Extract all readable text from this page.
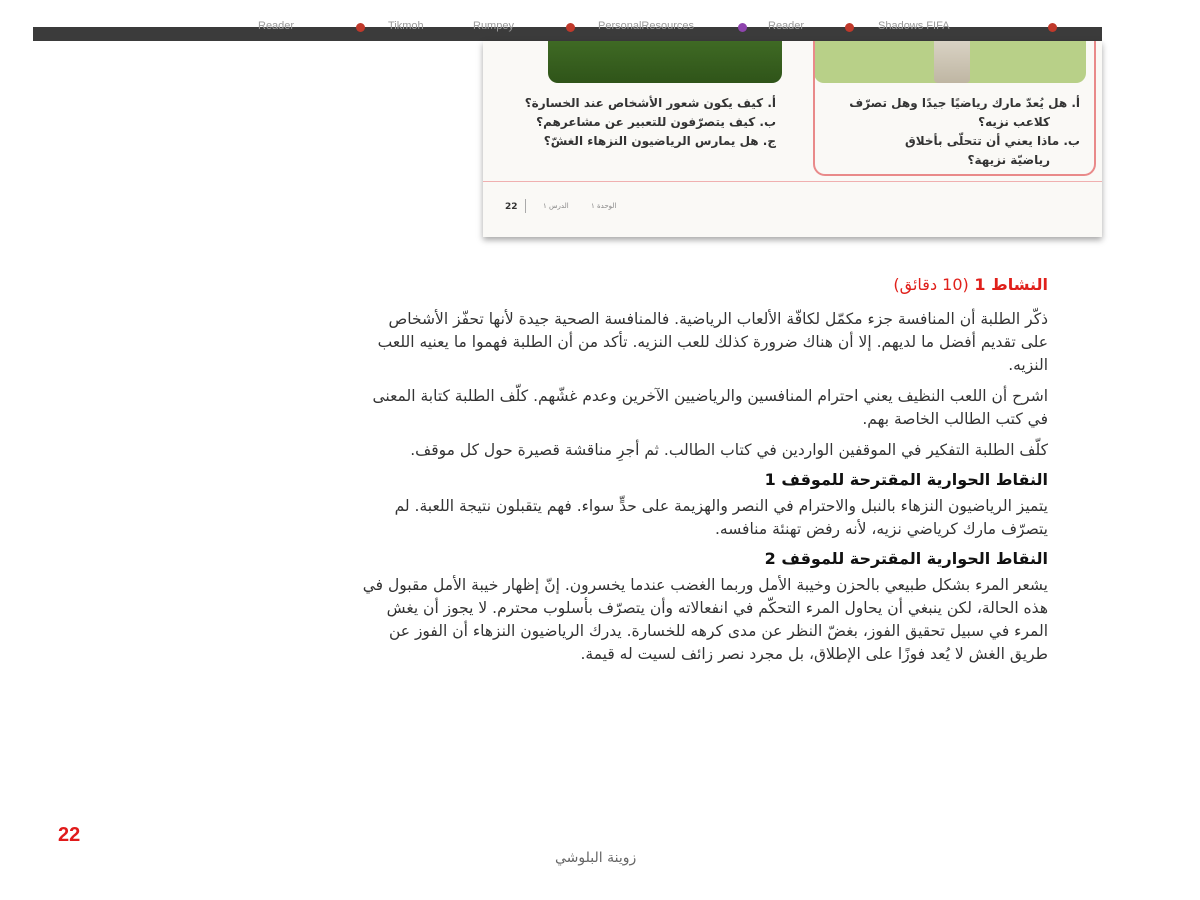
Reader	Tikmoh	Rumpey	PersonalResources	Reader	Shadows FIFA
أ. كيف يكون شعور الأشخاص عند الخسارة؟
ب. كيف يتصرّفون للتعبير عن مشاعرهم؟
ج. هل يمارس الرياضيون النزهاء الغشّ؟
أ. هل يُعدّ مارك رياضيًا جيدًا وهل تصرّف
كلاعب نزيه؟
ب. ماذا يعني أن تتحلّى بأخلاق
رياضيّة نزيهة؟
22	الدرس ١	الوحدة ١
النشاط 1 (10 دقائق)

ذكّر الطلبة أن المنافسة جزء مكمّل لكافّة الألعاب الرياضية. فالمنافسة الصحية جيدة لأنها تحفّز الأشخاص على تقديم أفضل ما لديهم. إلا أن هناك ضرورة كذلك للعب النزيه. تأكد من أن الطلبة فهموا ما يعنيه اللعب النزيه.

اشرح أن اللعب النظيف يعني احترام المنافسين والرياضيين الآخرين وعدم غشّهم. كلّف الطلبة كتابة المعنى في كتب الطالب الخاصة بهم.

كلّف الطلبة التفكير في الموقفين الواردين في كتاب الطالب. ثم أجرِ مناقشة قصيرة حول كل موقف.

النقاط الحوارية المقترحة للموقف 1

يتميز الرياضيون النزهاء بالنبل والاحترام في النصر والهزيمة على حدٍّ سواء. فهم يتقبلون نتيجة اللعبة. لم يتصرّف مارك كرياضي نزيه، لأنه رفض تهنئة منافسه.

النقاط الحوارية المقترحة للموقف 2

يشعر المرء بشكل طبيعي بالحزن وخيبة الأمل وربما الغضب عندما يخسرون. إنّ إظهار خيبة الأمل مقبول في هذه الحالة، لكن ينبغي أن يحاول المرء التحكّم في انفعالاته وأن يتصرّف بأسلوب محترم. لا يجوز أن يغش المرء في سبيل تحقيق الفوز، بغضّ النظر عن مدى كرهه للخسارة. يدرك الرياضيون النزهاء أن الفوز عن طريق الغش لا يُعد فوزًا على الإطلاق، بل مجرد نصر زائف لسيت له قيمة.

22
زوينة البلوشي
